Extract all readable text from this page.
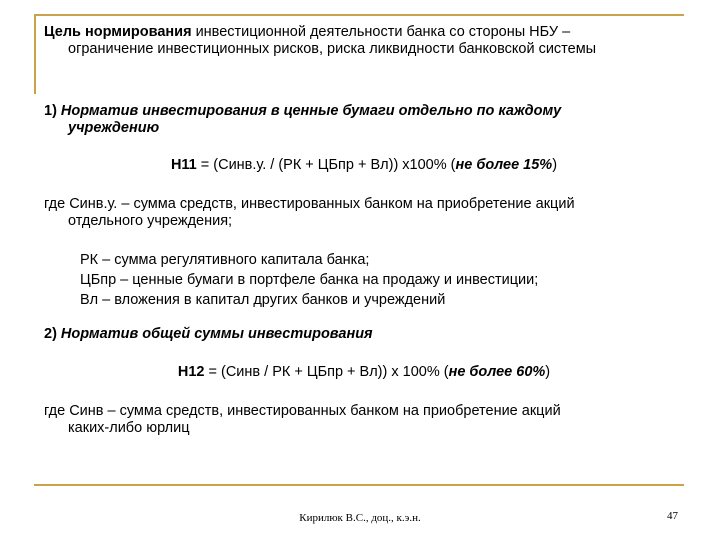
Цель нормирования инвестиционной деятельности банка со стороны НБУ –
ограничение инвестиционных рисков, риска ликвидности банковской системы
1) Норматив инвестирования в ценные бумаги отдельно по каждому
учреждению
Н11 = (Синв.у. / (РК + ЦБпр + Вл)) x100% (не более 15%)
где Синв.у. – сумма средств, инвестированных банком на приобретение акций
отдельного учреждения;
РК – сумма регулятивного капитала банка;
ЦБпр – ценные бумаги в портфеле банка на продажу и инвестиции;
Вл – вложения в капитал других банков и учреждений
2) Норматив общей суммы инвестирования
Н12 = (Синв / РК + ЦБпр + Вл)) x 100% (не более 60%)
где Синв – сумма средств, инвестированных банком на приобретение акций
каких-либо юрлиц
Кирилюк В.С., доц., к.э.н.	47
